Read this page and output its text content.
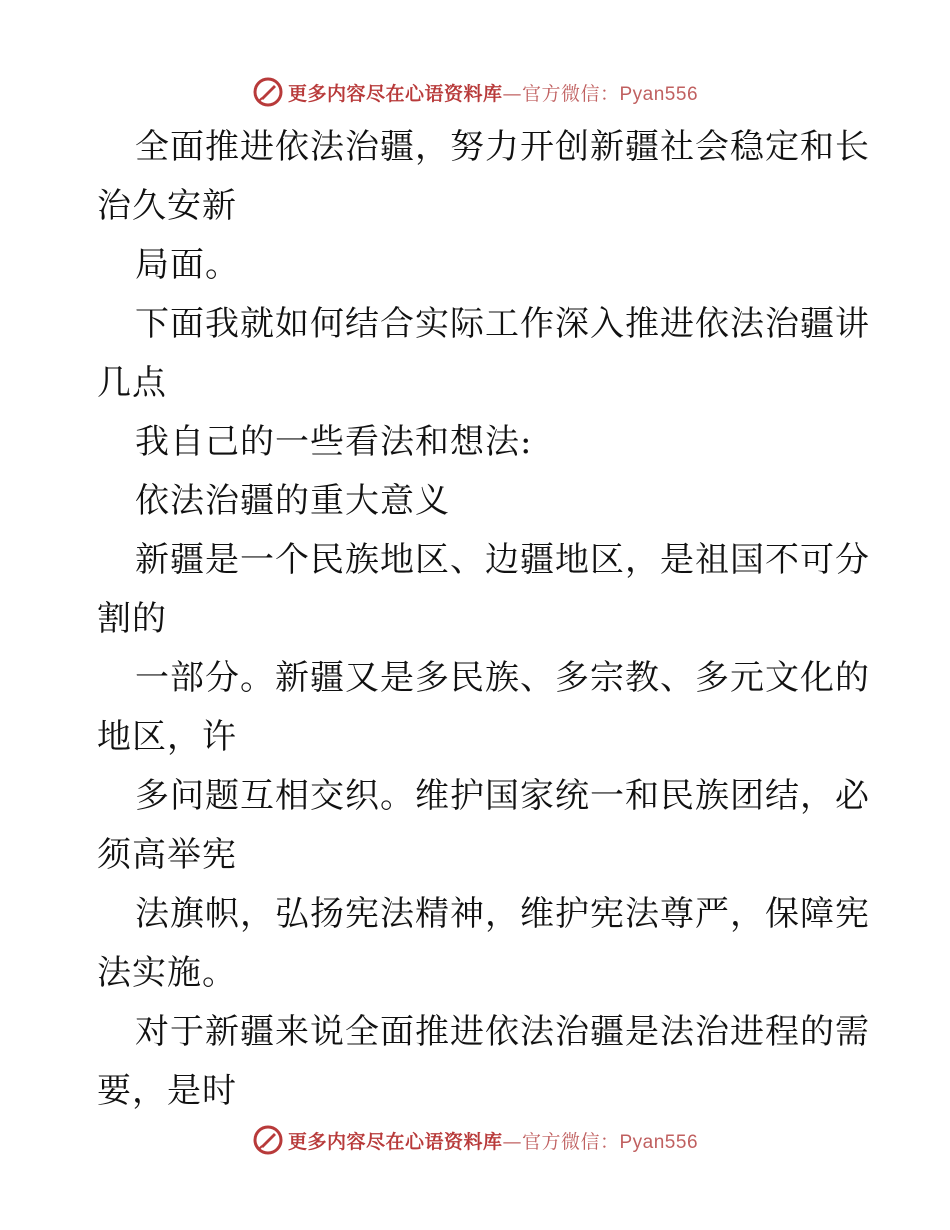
更多内容尽在心语资料库—官方微信：Pyan556
全面推进依法治疆，努力开创新疆社会稳定和长
治久安新
局面。
下面我就如何结合实际工作深入推进依法治疆讲
几点
我自己的一些看法和想法:
依法治疆的重大意义
新疆是一个民族地区、边疆地区，是祖国不可分
割的
一部分。新疆又是多民族、多宗教、多元文化的
地区，许
多问题互相交织。维护国家统一和民族团结，必
须高举宪
法旗帜，弘扬宪法精神，维护宪法尊严，保障宪
法实施。
对于新疆来说全面推进依法治疆是法治进程的需
要，是时
更多内容尽在心语资料库—官方微信：Pyan556
